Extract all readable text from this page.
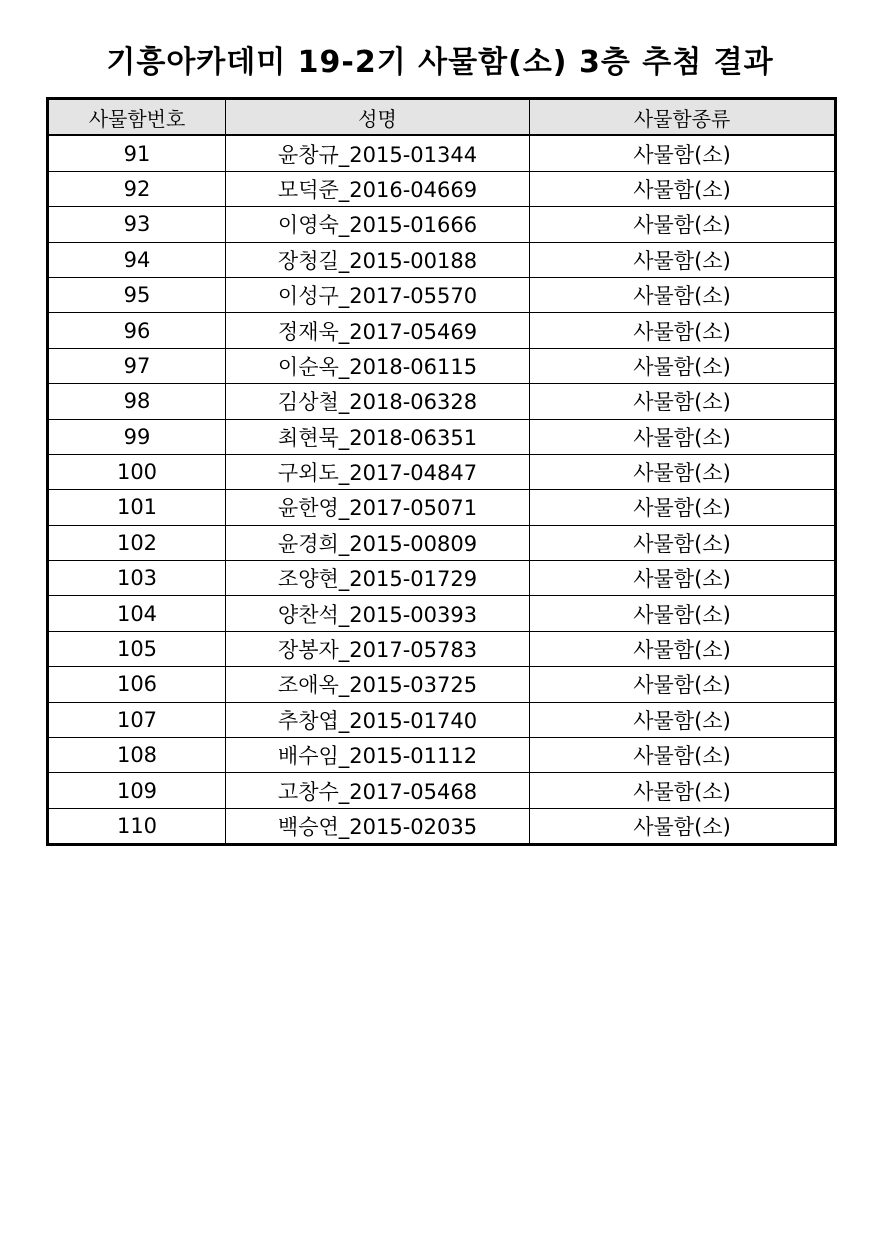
기흥아카데미 19-2기 사물함(소) 3층 추첨 결과
사물함번호	성명	사물함종류
91	윤창규_2015-01344	사물함(소)
92	모덕준_2016-04669	사물함(소)
93	이영숙_2015-01666	사물함(소)
94	장청길_2015-00188	사물함(소)
95	이성구_2017-05570	사물함(소)
96	정재욱_2017-05469	사물함(소)
97	이순옥_2018-06115	사물함(소)
98	김상철_2018-06328	사물함(소)
99	최현묵_2018-06351	사물함(소)
100	구외도_2017-04847	사물함(소)
101	윤한영_2017-05071	사물함(소)
102	윤경희_2015-00809	사물함(소)
103	조양현_2015-01729	사물함(소)
104	양찬석_2015-00393	사물함(소)
105	장봉자_2017-05783	사물함(소)
106	조애옥_2015-03725	사물함(소)
107	추창엽_2015-01740	사물함(소)
108	배수임_2015-01112	사물함(소)
109	고창수_2017-05468	사물함(소)
110	백승연_2015-02035	사물함(소)
